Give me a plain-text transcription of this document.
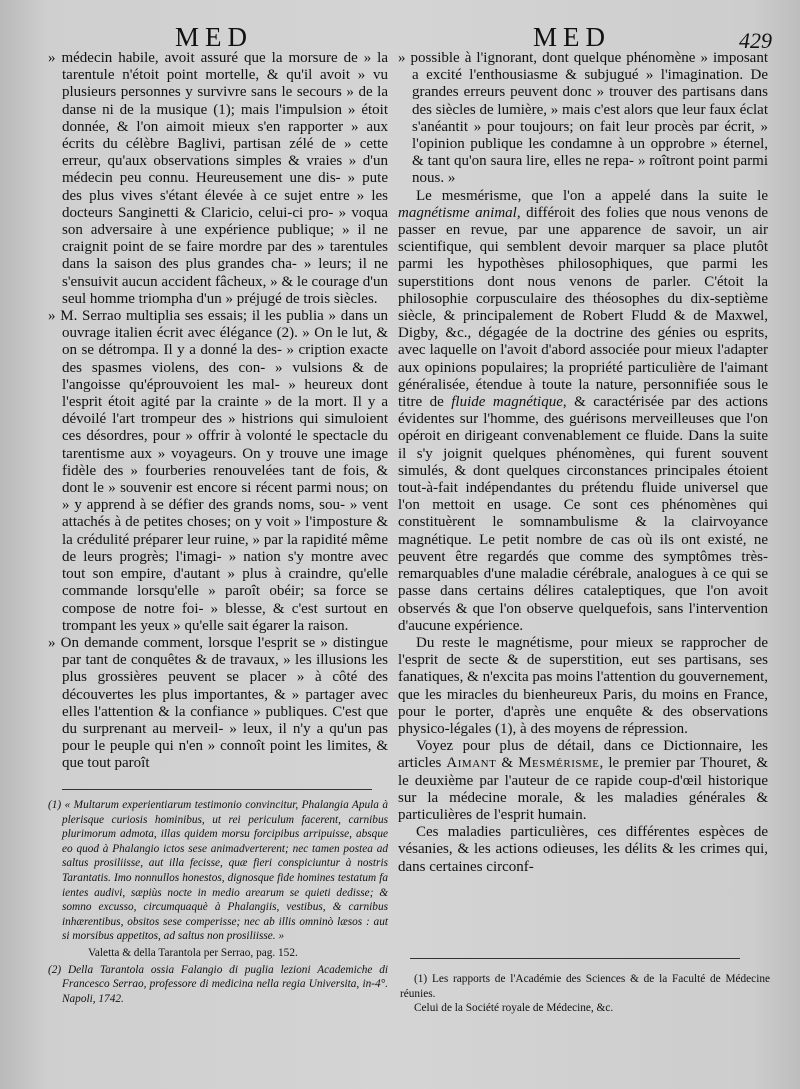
MED	MED	429

» médecin habile, avoit assuré que la morsure de » la tarentule n'étoit point mortelle, & qu'il avoit » vu plusieurs personnes y survivre sans le secours » de la danse ni de la musique (1); mais l'impulsion » étoit donnée, & l'on aimoit mieux s'en rapporter » aux écrits du célèbre Baglivi, partisan zélé de » cette erreur, qu'aux observations simples & vraies » d'un médecin peu connu. Heureusement une dis- » pute des plus vives s'étant élevée à ce sujet entre » les docteurs Sanginetti & Claricio, celui-ci pro- » voqua son adversaire à une expérience publique; » il ne craignit point de se faire mordre par des » tarentules dans la saison des plus grandes cha- » leurs; il ne s'ensuivit aucun accident fâcheux, » & le courage d'un seul homme triompha d'un » préjugé de trois siècles.

» M. Serrao multiplia ses essais; il les publia » dans un ouvrage italien écrit avec élégance (2). » On le lut, & on se détrompa. Il y a donné la des- » cription exacte des spasmes violens, des con- » vulsions & de l'angoisse qu'éprouvoient les mal- » heureux dont l'esprit étoit agité par la crainte » de la mort. Il y a dévoilé l'art trompeur des » histrions qui simuloient ces désordres, pour » offrir à volonté le spectacle du tarentisme aux » voyageurs. On y trouve une image fidèle des » fourberies renouvelées tant de fois, & dont le » souvenir est encore si récent parmi nous; on » y apprend à se défier des grands noms, sou- » vent attachés à de petites choses; on y voit » l'imposture & la crédulité préparer leur ruine, » par la rapidité même de leurs progrès; l'imagi- » nation s'y montre avec tout son empire, d'autant » plus à craindre, qu'elle commande lorsqu'elle » paroît obéir; sa force se compose de notre foi- » blesse, & c'est surtout en trompant les yeux » qu'elle sait égarer la raison.

» On demande comment, lorsque l'esprit se » distingue par tant de conquêtes & de travaux, » les illusions les plus grossières peuvent se placer » à côté des découvertes les plus importantes, & » partager avec elles l'attention & la confiance » publiques. C'est que du surprenant au merveil- » leux, il n'y a qu'un pas pour le peuple qui n'en » connoît point les limites, & que tout paroît

» possible à l'ignorant, dont quelque phénomène » imposant a excité l'enthousiasme & subjugué » l'imagination. De grandes erreurs peuvent donc » trouver des partisans dans des siècles de lumière, » mais c'est alors que leur faux éclat s'anéantit » pour toujours; on fait leur procès par écrit, » l'opinion publique les condamne à un opprobre » éternel, & tant qu'on saura lire, elles ne repa- » roîtront point parmi nous. »

Le mesmérisme, que l'on a appelé dans la suite le magnétisme animal, différoit des folies que nous venons de passer en revue, par une apparence de savoir, un air scientifique, qui semblent devoir marquer sa place plutôt parmi les hypothèses philosophiques, que parmi les superstitions dont nous venons de parler. C'étoit la philosophie corpusculaire des théosophes du dix-septième siècle, & principalement de Robert Fludd & de Maxwel, Digby, &c., dégagée de la doctrine des génies ou esprits, avec laquelle on l'avoit d'abord associée pour mieux l'adapter aux opinions populaires; la propriété particulière de l'aimant généralisée, étendue à toute la nature, personnifiée sous le titre de fluide magnétique, & caractérisée par des actions évidentes sur l'homme, des guérisons merveilleuses que l'on opéroit en dirigeant convenablement ce fluide. Dans la suite il s'y joignit quelques phénomènes, qui furent souvent simulés, & dont quelques circonstances principales étoient tout-à-fait indépendantes du prétendu fluide universel que l'on mettoit en usage. Ce sont ces phénomènes qui constituèrent le somnambulisme & la clairvoyance magnétique. Le petit nombre de cas où ils ont existé, ne peuvent être regardés que comme des symptômes très-remarquables d'une maladie cérébrale, analogues à ce qui se passe dans certains délires cataleptiques, que l'on avoit observés & que l'on observe quelquefois, sans l'intervention d'aucune expérience.

Du reste le magnétisme, pour mieux se rapprocher de l'esprit de secte & de superstition, eut ses partisans, ses fanatiques, & n'excita pas moins l'attention du gouvernement, que les miracles du bienheureux Paris, du moins en France, pour le porter, d'après une enquête & des observations physico-légales (1), à des moyens de répression.

Voyez pour plus de détail, dans ce Dictionnaire, les articles Aimant & Mesmérisme, le premier par Thouret, & le deuxième par l'auteur de ce rapide coup-d'œil historique sur la médecine morale, & les maladies générales & particulières de l'esprit humain.

Ces maladies particulières, ces différentes espèces de vésanies, & les actions odieuses, les délits & les crimes qui, dans certaines circonf-

(1) « Multarum experientiarum testimonio convincitur, Phalangia Apula à plerisque curiosis hominibus, ut rei periculum facerent, carnibus plurimorum admota, illas quidem morsu forcipibus arripuisse, absque eo quod à Phalangio ictos sese animadverterent; nec tamen postea ad saltus prosiliisse, aut illa fecisse, quæ fieri conspiciuntur à nostris Tarantatis. Imo nonnullos honestos, dignosque fide homines testatum fa ientes audivi, sæpiùs nocte in medio arearum se quieti dedisse; & somno excusso, circumquaquè à Phalangiis, vestibus, & carnibus inhærentibus, obsitos sese comperisse; nec ab illis omninò læsos : aut si morsibus appetitos, ad saltus non prosiliisse. »

Valetta & della Tarantola per Serrao, pag. 152.

(2) Della Tarantola ossia Falangio di puglia lezioni Academiche di Francesco Serrao, professore di medicina nella regia Universita, in-4°. Napoli, 1742.

(1) Les rapports de l'Académie des Sciences & de la Faculté de Médecine réunies.

Celui de la Société royale de Médecine, &c.
